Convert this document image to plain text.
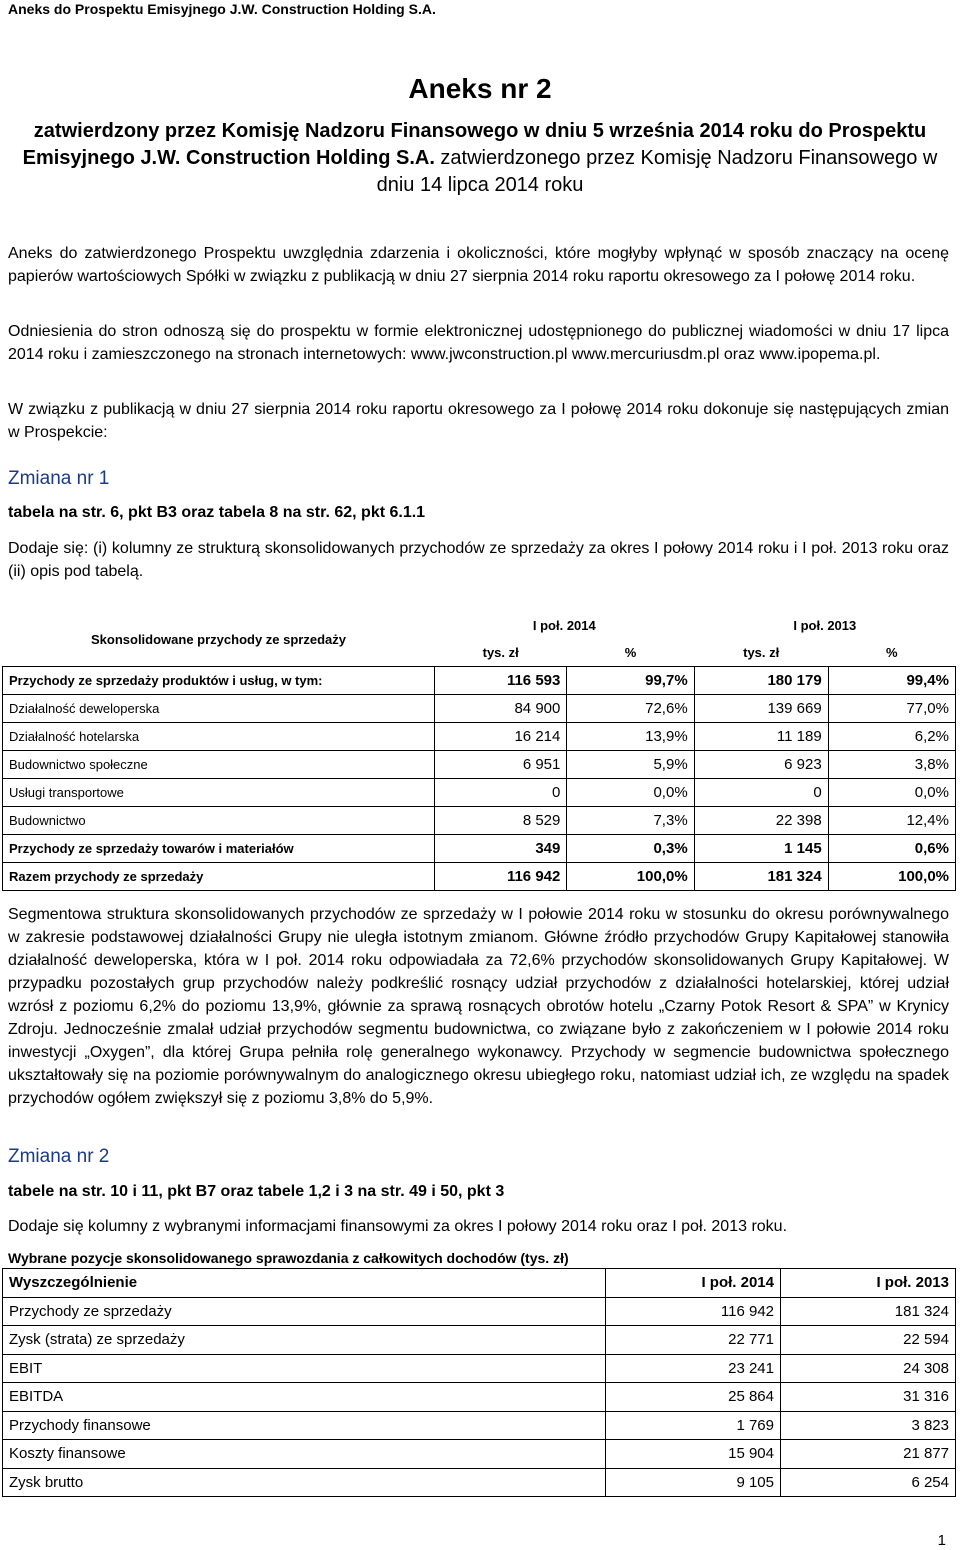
Aneks do Prospektu Emisyjnego J.W. Construction Holding S.A.
Aneks nr 2
zatwierdzony przez Komisję Nadzoru Finansowego w dniu 5 września 2014 roku do Prospektu Emisyjnego J.W. Construction Holding S.A. zatwierdzonego przez Komisję Nadzoru Finansowego w dniu 14 lipca 2014 roku
Aneks do zatwierdzonego Prospektu uwzględnia zdarzenia i okoliczności, które mogłyby wpłynąć w sposób znaczący na ocenę papierów wartościowych Spółki w związku z publikacją w dniu 27 sierpnia 2014 roku raportu okresowego za I połowę 2014 roku.
Odniesienia do stron odnoszą się do prospektu w formie elektronicznej udostępnionego do publicznej wiadomości w dniu 17 lipca 2014 roku i zamieszczonego na stronach internetowych: www.jwconstruction.pl www.mercuriusdm.pl oraz www.ipopema.pl.
W związku z publikacją w dniu 27 sierpnia 2014 roku raportu okresowego za I połowę 2014 roku dokonuje się następujących zmian w Prospekcie:
Zmiana nr 1
tabela na str. 6, pkt B3 oraz tabela 8 na str. 62, pkt 6.1.1
Dodaje się: (i) kolumny ze strukturą skonsolidowanych przychodów ze sprzedaży za okres I połowy 2014 roku i I poł. 2013 roku oraz (ii) opis pod tabelą.
Skonsolidowane przychody ze sprzedaży	I poł. 2014		I poł. 2013	
	tys. zł	%	tys. zł	%
Przychody ze sprzedaży produktów i usług, w tym:	116 593	99,7%	180 179	99,4%
Działalność deweloperska	84 900	72,6%	139 669	77,0%
Działalność hotelarska	16 214	13,9%	11 189	6,2%
Budownictwo społeczne	6 951	5,9%	6 923	3,8%
Usługi transportowe	0	0,0%	0	0,0%
Budownictwo	8 529	7,3%	22 398	12,4%
Przychody ze sprzedaży towarów i materiałów	349	0,3%	1 145	0,6%
Razem przychody ze sprzedaży	116 942	100,0%	181 324	100,0%
Segmentowa struktura skonsolidowanych przychodów ze sprzedaży w I połowie 2014 roku w stosunku do okresu porównywalnego w zakresie podstawowej działalności Grupy nie uległa istotnym zmianom. Główne źródło przychodów Grupy Kapitałowej stanowiła działalność deweloperska, która w I poł. 2014 roku odpowiadała za 72,6% przychodów skonsolidowanych Grupy Kapitałowej. W przypadku pozostałych grup przychodów należy podkreślić rosnący udział przychodów z działalności hotelarskiej, której udział wzrósł z poziomu 6,2% do poziomu 13,9%, głównie za sprawą rosnących obrotów hotelu „Czarny Potok Resort & SPA” w Krynicy Zdroju. Jednocześnie zmalał udział przychodów segmentu budownictwa, co związane było z zakończeniem w I połowie 2014 roku inwestycji „Oxygen”, dla której Grupa pełniła rolę generalnego wykonawcy. Przychody w segmencie budownictwa społecznego ukształtowały się na poziomie porównywalnym do analogicznego okresu ubiegłego roku, natomiast udział ich, ze względu na spadek przychodów ogółem zwiększył się z poziomu 3,8% do 5,9%.
Zmiana nr 2
tabele na str. 10 i 11, pkt B7 oraz tabele 1,2 i 3 na str. 49 i 50, pkt 3
Dodaje się kolumny z wybranymi informacjami finansowymi za okres I połowy 2014 roku oraz I poł. 2013 roku.
Wybrane pozycje skonsolidowanego sprawozdania z całkowitych dochodów (tys. zł)
Wyszczególnienie	I poł. 2014	I poł. 2013
Przychody ze sprzedaży	116 942	181 324
Zysk (strata) ze sprzedaży	22 771	22 594
EBIT	23 241	24 308
EBITDA	25 864	31 316
Przychody finansowe	1 769	3 823
Koszty finansowe	15 904	21 877
Zysk brutto	9 105	6 254
1
